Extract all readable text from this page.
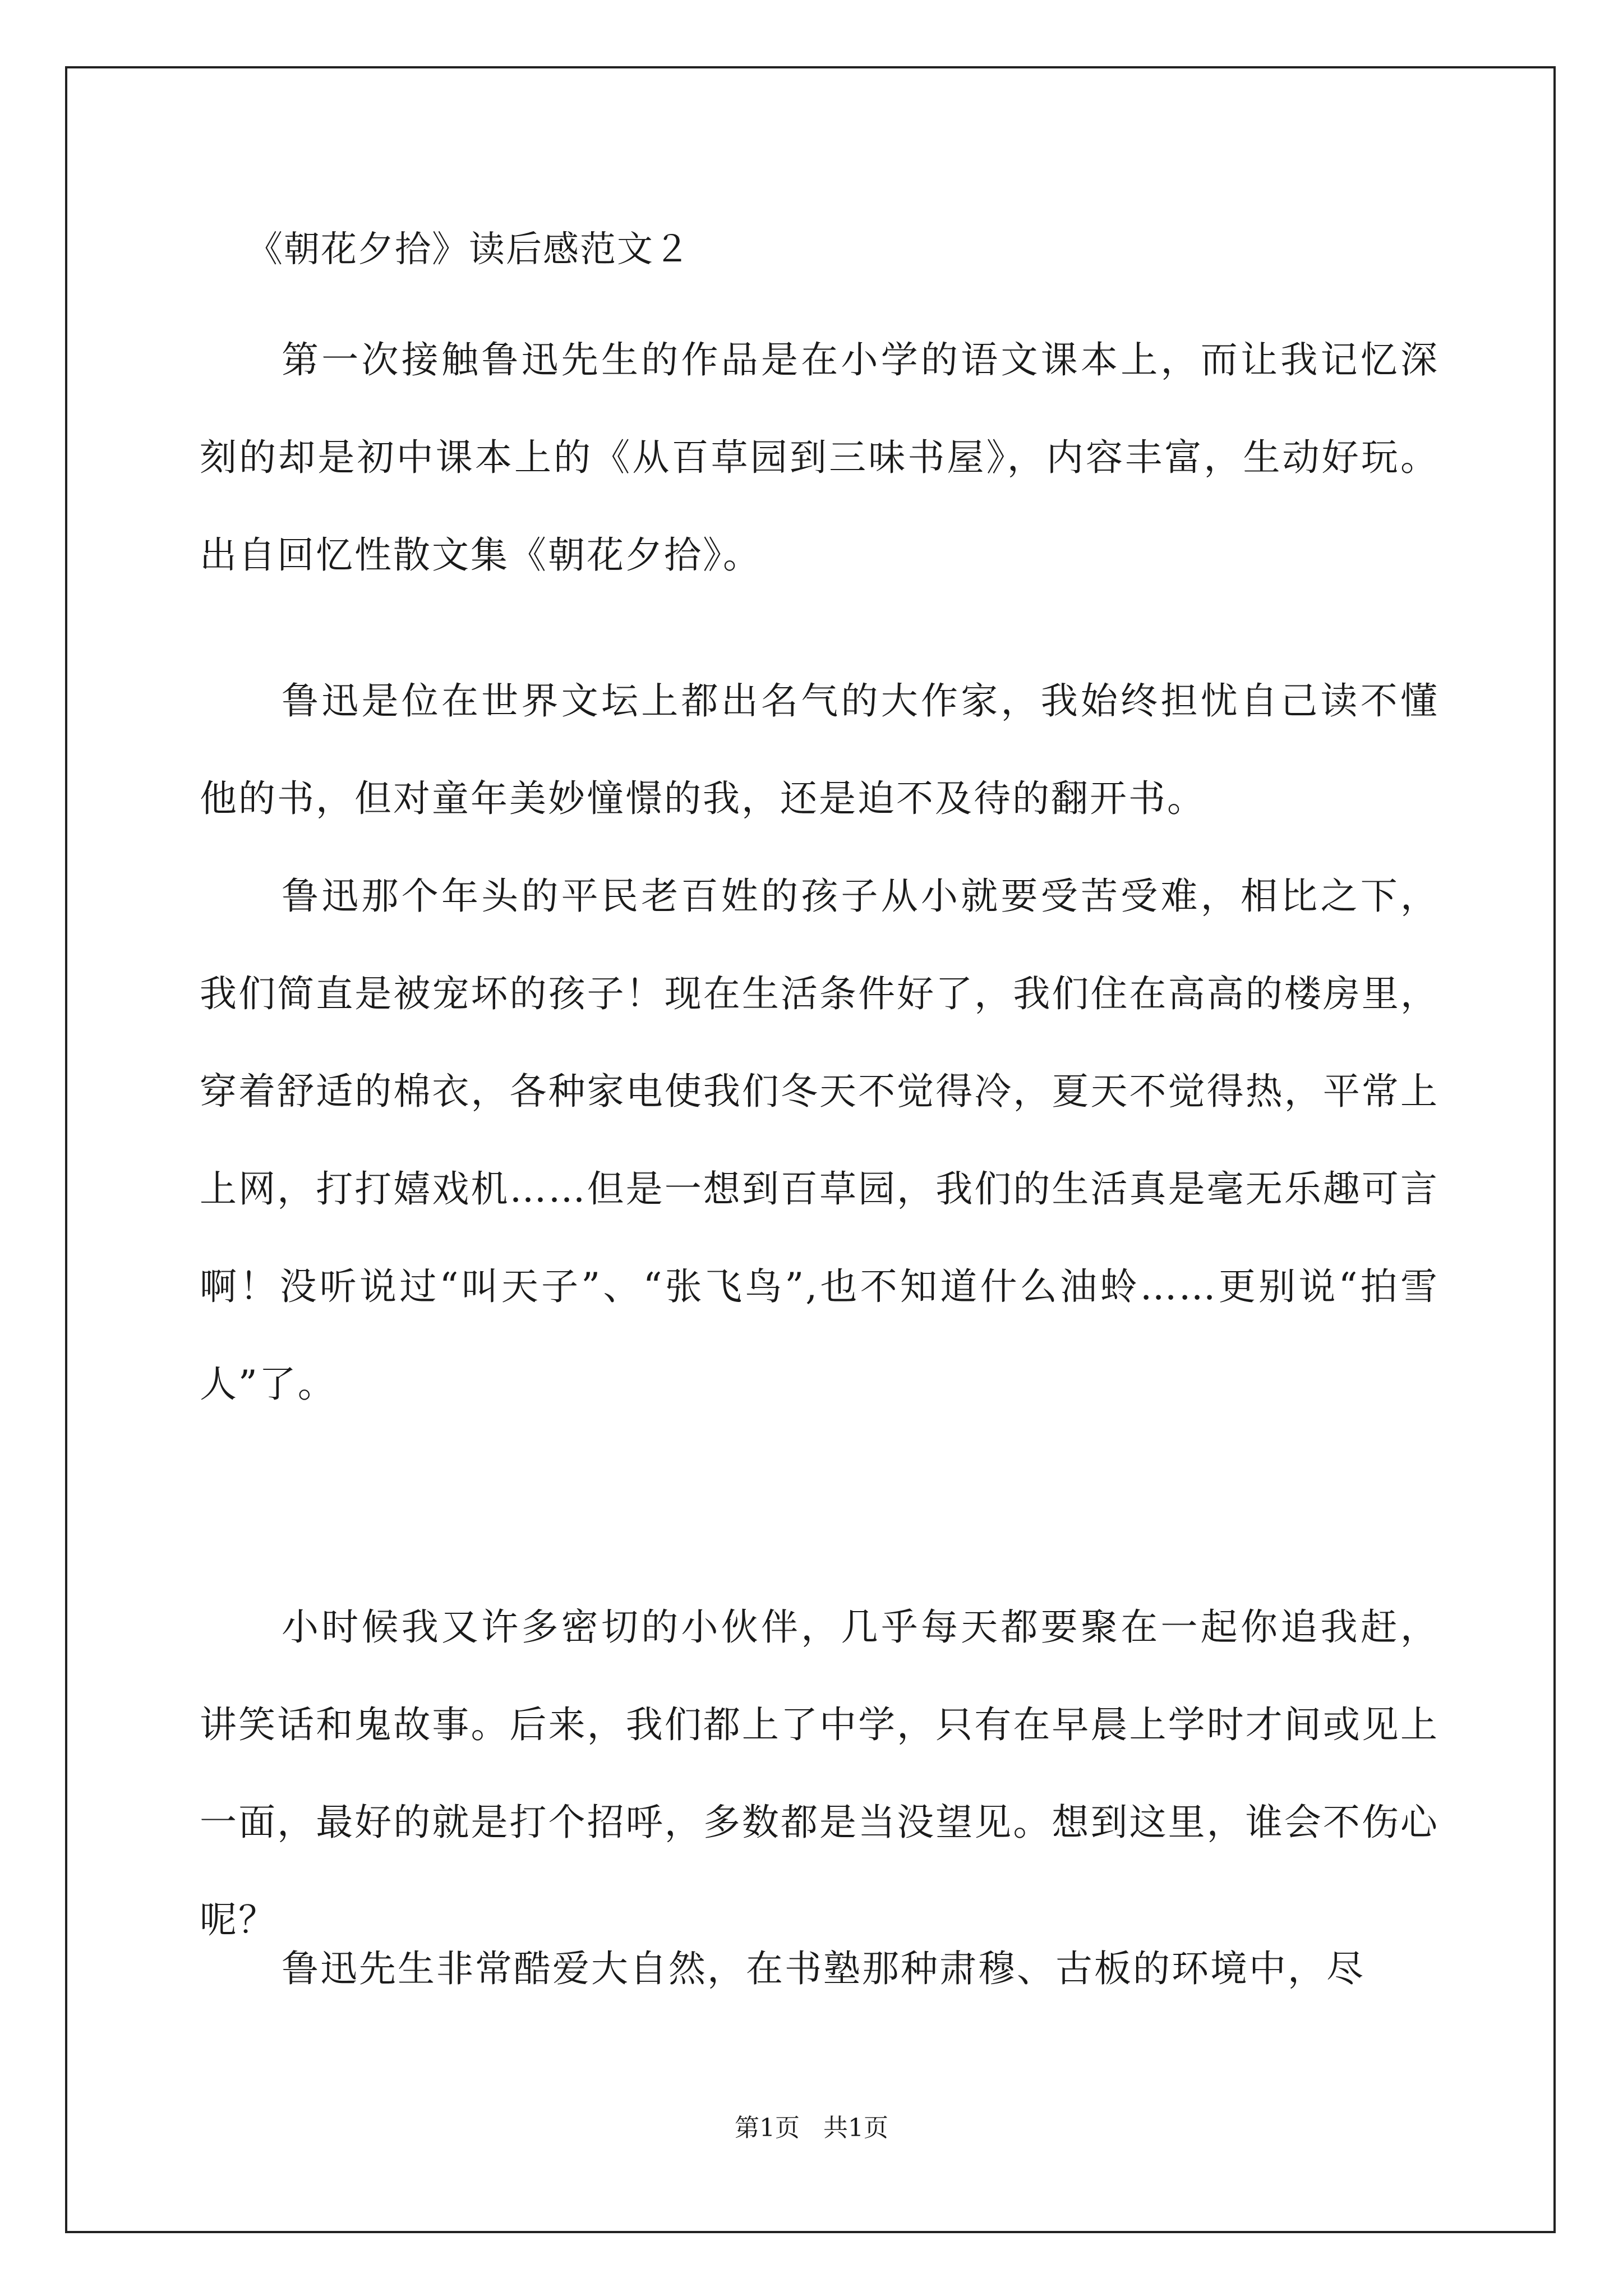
《朝花夕拾》读后感范文２

第一次接触鲁迅先生的作品是在小学的语文课本上，而让我记忆深刻的却是初中课本上的《从百草园到三味书屋》，内容丰富，生动好玩。出自回忆性散文集《朝花夕拾》。

鲁迅是位在世界文坛上都出名气的大作家，我始终担忧自己读不懂他的书，但对童年美妙憧憬的我，还是迫不及待的翻开书。

鲁迅那个年头的平民老百姓的孩子从小就要受苦受难，相比之下，我们简直是被宠坏的孩子！现在生活条件好了，我们住在高高的楼房里，穿着舒适的棉衣，各种家电使我们冬天不觉得冷，夏天不觉得热，平常上上网，打打嬉戏机……但是一想到百草园，我们的生活真是毫无乐趣可言啊！没听说过“叫天子”、“张飞鸟”,也不知道什么油蛉……更别说“拍雪人”了。

小时候我又许多密切的小伙伴，几乎每天都要聚在一起你追我赶，讲笑话和鬼故事。后来，我们都上了中学，只有在早晨上学时才间或见上一面，最好的就是打个招呼，多数都是当没望见。想到这里，谁会不伤心呢？

鲁迅先生非常酷爱大自然，在书塾那种肃穆、古板的环境中，尽

第1页   共1页
